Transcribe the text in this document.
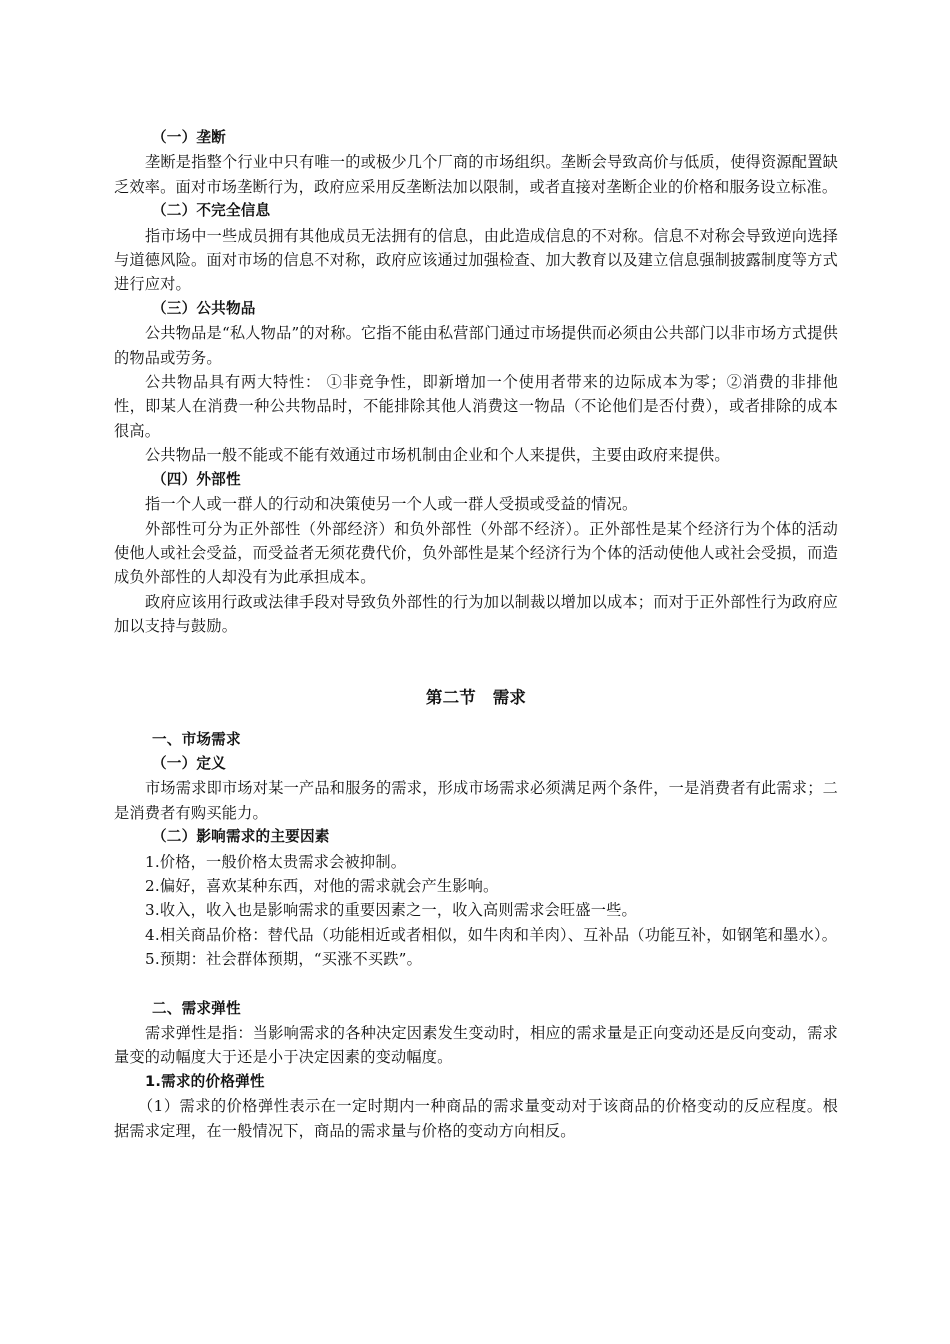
（一）垄断

垄断是指整个行业中只有唯一的或极少几个厂商的市场组织。垄断会导致高价与低质，使得资源配置缺乏效率。面对市场垄断行为，政府应采用反垄断法加以限制，或者直接对垄断企业的价格和服务设立标准。

（二）不完全信息

指市场中一些成员拥有其他成员无法拥有的信息，由此造成信息的不对称。信息不对称会导致逆向选择与道德风险。面对市场的信息不对称，政府应该通过加强检查、加大教育以及建立信息强制披露制度等方式进行应对。

（三）公共物品

公共物品是“私人物品”的对称。它指不能由私营部门通过市场提供而必须由公共部门以非市场方式提供的物品或劳务。

公共物品具有两大特性： ①非竞争性，即新增加一个使用者带来的边际成本为零；②消费的非排他性，即某人在消费一种公共物品时，不能排除其他人消费这一物品（不论他们是否付费），或者排除的成本很高。

公共物品一般不能或不能有效通过市场机制由企业和个人来提供，主要由政府来提供。

（四）外部性

指一个人或一群人的行动和决策使另一个人或一群人受损或受益的情况。

外部性可分为正外部性（外部经济）和负外部性（外部不经济）。正外部性是某个经济行为个体的活动使他人或社会受益，而受益者无须花费代价，负外部性是某个经济行为个体的活动使他人或社会受损，而造成负外部性的人却没有为此承担成本。

政府应该用行政或法律手段对导致负外部性的行为加以制裁以增加以成本；而对于正外部性行为政府应加以支持与鼓励。

第二节　需求

一、市场需求

（一）定义

市场需求即市场对某一产品和服务的需求，形成市场需求必须满足两个条件，一是消费者有此需求；二是消费者有购买能力。

（二）影响需求的主要因素

1.价格，一般价格太贵需求会被抑制。

2.偏好，喜欢某种东西，对他的需求就会产生影响。

3.收入，收入也是影响需求的重要因素之一，收入高则需求会旺盛一些。

4.相关商品价格：替代品（功能相近或者相似，如牛肉和羊肉）、互补品（功能互补，如钢笔和墨水）。

5.预期：社会群体预期，“买涨不买跌”。

二、需求弹性

需求弹性是指：当影响需求的各种决定因素发生变动时，相应的需求量是正向变动还是反向变动，需求量变的动幅度大于还是小于决定因素的变动幅度。

1.需求的价格弹性

（1）需求的价格弹性表示在一定时期内一种商品的需求量变动对于该商品的价格变动的反应程度。根据需求定理，在一般情况下，商品的需求量与价格的变动方向相反。
